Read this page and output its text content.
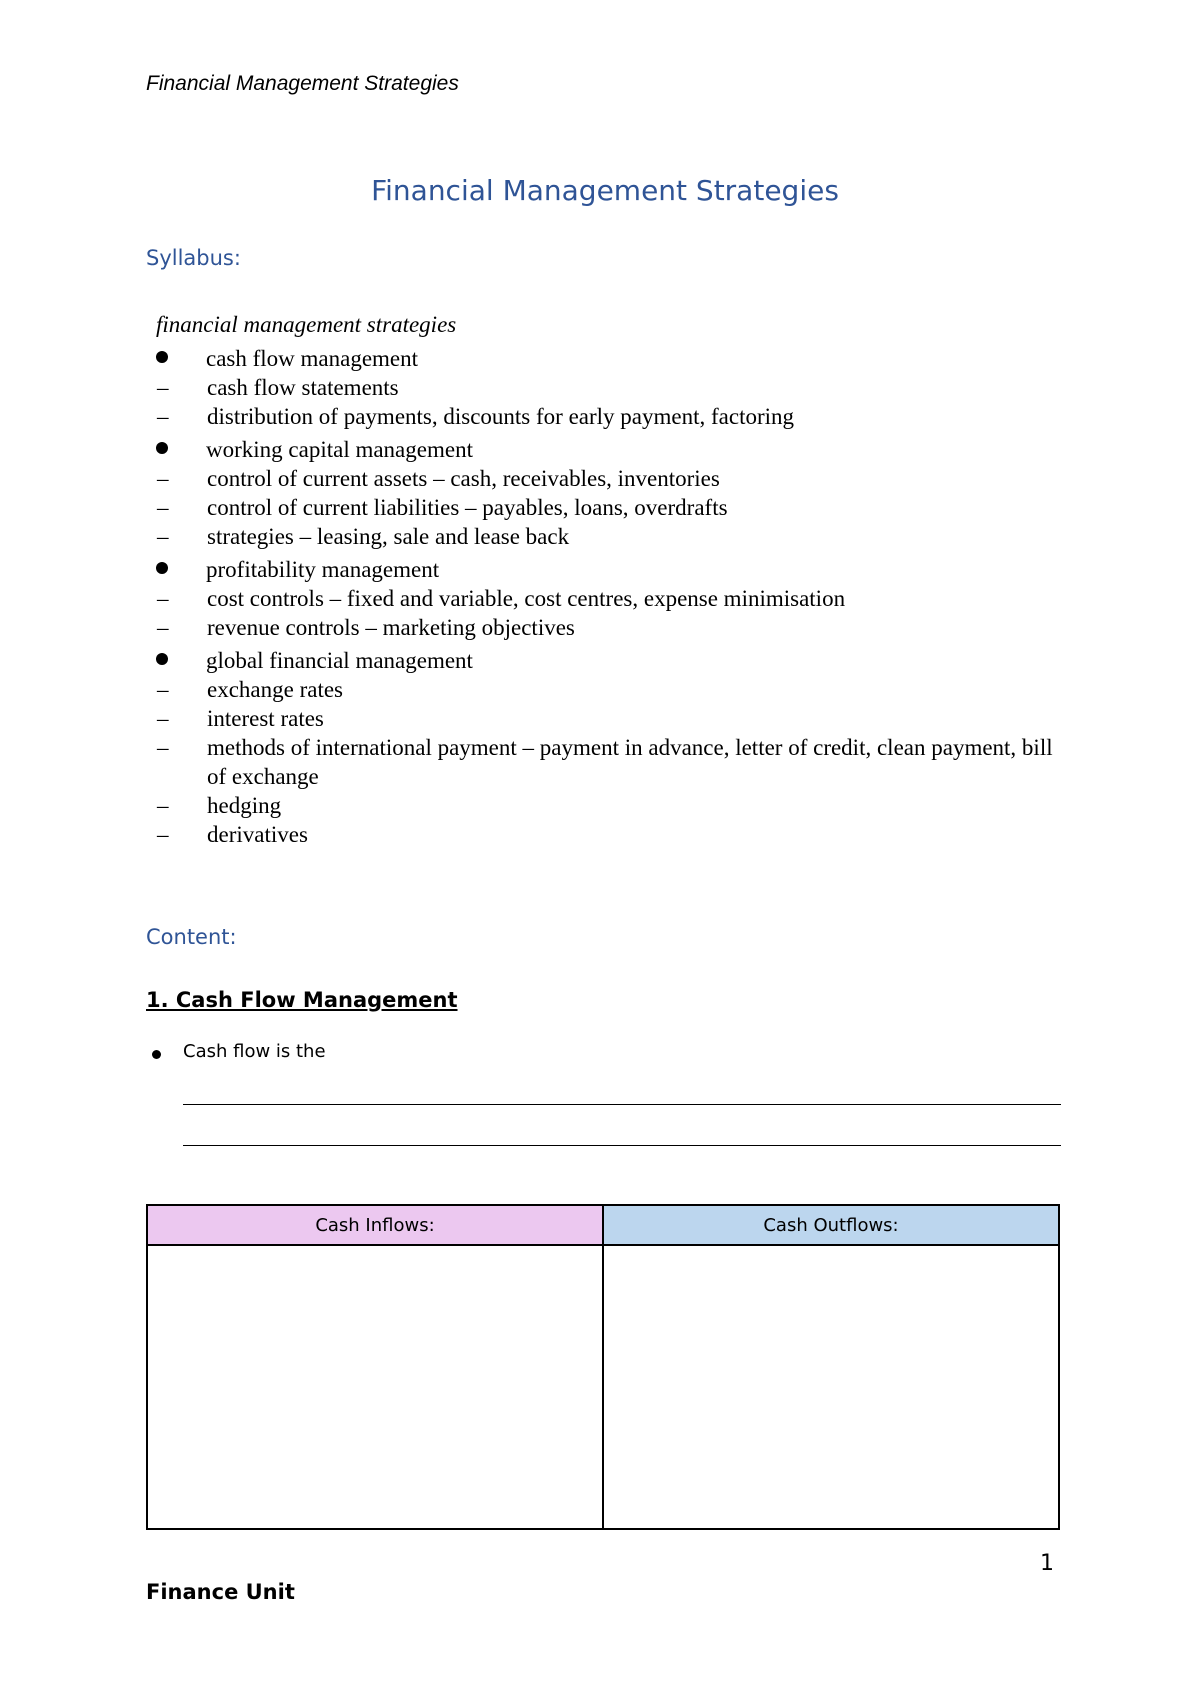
Financial Management Strategies
Financial Management Strategies
Syllabus:
financial management strategies
cash flow management
–	cash flow statements
–	distribution of payments, discounts for early payment, factoring
working capital management
–	control of current assets – cash, receivables, inventories
–	control of current liabilities – payables, loans, overdrafts
–	strategies – leasing, sale and lease back
profitability management
–	cost controls – fixed and variable, cost centres, expense minimisation
–	revenue controls – marketing objectives
global financial management
–	exchange rates
–	interest rates
–	methods of international payment – payment in advance, letter of credit, clean payment, bill of exchange
–	hedging
–	derivatives
Content:
1. Cash Flow Management
Cash flow is the
Cash Inflows:	Cash Outflows:
1
Finance Unit
